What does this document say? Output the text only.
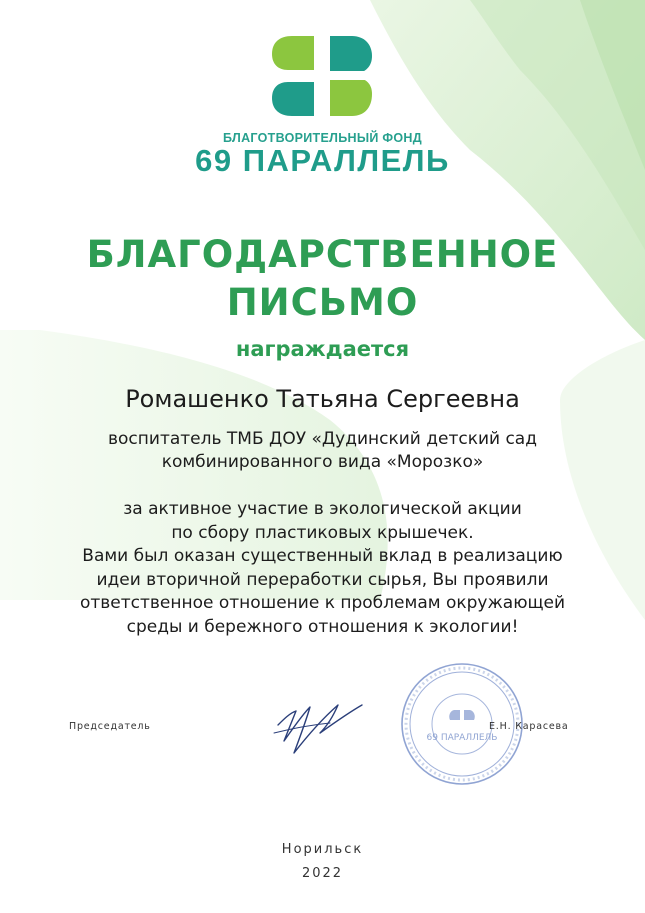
БЛАГОТВОРИТЕЛЬНЫЙ ФОНД
69 ПАРАЛЛЕЛЬ
БЛАГОДАРСТВЕННОЕ
ПИСЬМО
награждается
Ромашенко Татьяна Сергеевна
воспитатель ТМБ ДОУ «Дудинский детский сад
комбинированного вида «Морозко»
за активное участие в экологической акции
по сбору пластиковых крышечек.
Вами был оказан существенный вклад в реализацию
идеи вторичной переработки сырья, Вы проявили
ответственное отношение к проблемам окружающей
среды и бережного отношения к экологии!
69 ПАРАЛЛЕЛЬ
Председатель	Е.Н. Карасева
Норильск
2022
